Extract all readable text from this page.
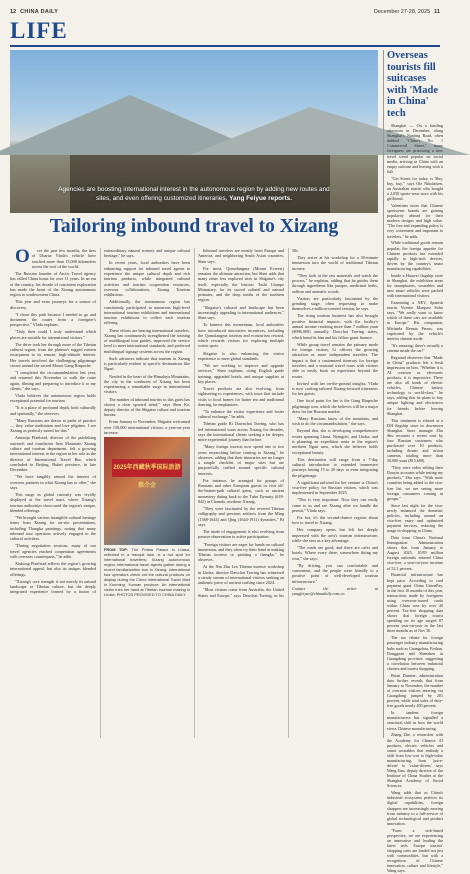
12 CHINA DAILY	December 27-28, 2025 11
LIFE
Agencies are boosting international interest in the autonomous region by adding new routes and sites, and even offering customized itineraries, Yang Feiyue reports.
Tailoring inbound travel to Xizang

O ver the past few months, the tires of Ubaraa Vlada's vehicle have touched more than 15,000 kilometers across the roof of the world.

The Russian founder of Arctic Travel agency has called China home for over 11 years. In an era of the country, his decade of consistent exploration has made the heart of the Xizang autonomous region to southwestern China.

This year and extra journeys for a season of discovery.

"I chose this path because I needed to go and document the routes from a foreigner's perspective," Vlada explains.

"Only then could I truly understand which places are suitable for international visitors."

The drive took her through more of the Tibetan cultural region, from the plateau's rugged eastern escarpment to its remote, high-altitude interior. Her travels involved the challenging pilgrimage circuit around the sacred Mount Gang Rinpoche.

"I completed the circumambulation last year, and returned this November to walk the route again, filming and preparing to introduce it to my clients," she says.

Vlada believes the autonomous region holds exceptional potential for tourism.

"It is a place of profound depth, both culturally and spiritually," she observes.

"Many Russians are drawn to paths of practice — they value meditation and love pilgrims. I see Xizang as perfectly suited for this."

Antonija Pfaelstad, director of the publishing outreach and translation firm Mountain Xizang culture and tourism department, felt a growing international interest in the region in her role as the director of International Travel Bur, which concluded in Beijing, Hubei province, in late December.

"We have tangibly sensed the interest of overseas partners in what Xizang has to offer," she says.

This surge in global curiosity was vividly displayed at the travel mart, where Xizang's tourism authorities showcased the region's unique, blended offerings.

"We brought various intangible cultural heritage items from Xizang for on-site presentations, including Thangka paintings, noting that many inbound tour operators actively engaged in the cultural activities.

"During negotiation sessions, many of our travel agencies reached cooperation agreements with overseas counterparts," he adds.

Xiuhong Pfaelstad reflects the region's growing international appeal, but also its unique, blended offerings.

"Xizang's core strength is not merely its natural landscape or Tibetan culture, but the deeply integrated experience formed by a fusion of extraordinary natural scenery and unique cultural heritage," he says.

In recent years, local authorities have been enhancing support for inbound travel agents to experience the unique cultural depth and rich tourism products, while integrated cultural activities and tourism cooperation resources, overseas collaborations, Xizang Tourism exhibitions.

Additionally, the autonomous region has consistently participated in numerous high-level international tourism exhibitions and international tourism exhibitions to collect each tourism offering.

These efforts are bearing international travelers. Xizang has continuously strengthened the training of multilingual tour guides, improved the service level to meet international standards, and preferred multilingual signage systems across the region.

Such advances indicate that tourism in Xizang is particularly evident in specific destinations like Ngari.

Nestled in the heart of the Himalaya Mountains, the city in the southwest of Xizang has been experiencing a remarkable surge in international visitors.

The number of inbound tourists to this gates has shown a clear upward trend," says Shen Ke, deputy director of the Shigatse culture and tourism bureau.

From January to November, Shigatse welcomed over 150,000 international visitors, a year-on-year increase.

2025年西藏秋季国际旅游推介会

FROM TOP: The Potala Palace in Lhasa, reflected in a tranquil lake, is a hot spot for international travellers; Xizang autonomous region, international travel agents gather during a recent familiarization tour in Xizang; international tour operators check out the cultural products on display during the China International Travel Mart in Kunming, Yunnan province; An international visitor tries her hand at Tibetan incense making in Lhoka. PHOTOS PROVIDED TO CHINA DAILY

Inbound travelers are mostly from Europe and America, and neighboring South Asian countries, Shen says.

For most, Qomolangma (Mount Everest) remains the ultimate attraction, but Shen adds that many other less explored sites in Shigatse's city itself, especially the historic Tashi Lhunpo Monastery, for its sacred cultural and natural primates, and the deep tombs of the northern region.

"Shigatse's cultural and landscape has been increasingly appealing to international audiences," Shen says.

To harness this momentum, local authorities have introduced innovative incentives, including the Qomolangma tourism and ecotourism reward, which rewards visitors for exploring multiple scenic spots.

Shigatse is also enhancing the visitor experience to meet global standards.

"We are working to improve and upgrade services," Shen explains, citing English guide training, upgraded hotels, and unique supplies at key places.

Travel products are also evolving, from sightseeing to experiences, with tours that include visits to local homes for butter tea and traditional dancing, he emphasizes.

"To enhance the visitor experience and foster cultural exchange," he adds.

Tibetan guide Ri Dawnchai Tsering, who has led international tours across Xizang for decades, says the international clients seeking a far deeper, more experiential journey than before.

"Many foreign tourists now spend one to two years researching before coming to Xizang," he observes, adding that their itineraries are no longer a simple checklist of major sites but are purposefully crafted around specific cultural interests.

For instance, he arranged for groups of Russians and other European guests to visit off-the-beaten-path cultural gems, such as ancient monastery dating back to the Tubo Dynasty (618-842) in Chamdo, northern Xizang.

"They were fascinated by the revered Tibetan calligraphy and precious artifacts from the Ming (1368-1644) and Qing (1644-1911) dynasties," Ri says.

The mode of engagement is also evolving from passive observation to active participation.

"Foreign visitors are eager for hands-on cultural immersion, and they often try their hand at making Tibetan incense or painting a thangka," he observes.

At the Nin Zhu Lin Tibetan incense workshop in Lhoka, director Dawchai Tsering has witnessed a steady stream of international visitors seeking an authentic piece of ancient crafting since 2024.

"Most visitors come from Australia, the United States and Europe," says Dawchai Tsering, in his 50s.

They arrive at his workshop for a 30-minute immersion into the world of traditional Tibetan incense.

"They look at the raw materials and watch the process," he explains, adding that he guides them through ingredients like juniper, medicinal herbs, saffron and aromatic woods.

Visitors are particularly fascinated by the grinding stage, often requesting to make themselves a million-scented version, he says.

The rising tourism business has also brought positive financial impacts, with the facility's annual income reaching more than 7 million yuan ($996,000) annually. Dawchai Tsering states, which benefits him and his fellow grant finance.

While group travel remains the primary mode for foreign visitors, Li officers the growing attraction as more independent travelers. The impact is that a customized itinerary for foreign travelers and a seasonal travel tours with visitors able to easily book an experience beyond the routes.

Invited with her on-the-ground insights, Vlada is now crafting tailored Xizang-focused itineraries for her guests.

One focal point for her is the Gang Rinpoche pilgrimage tour, which she believes will be a major draw for her Russian market.

"Many Russians know of the mountain, and wish to do the circumambulation," she says.

Beyond that, she is developing comprehensive routes spanning Lhasa, Nyingchi, and Lhoka, and is planning an expedition route to the region's northern Ngari area, which she believes holds exceptional beauty.

This destination will range from a 7-day cultural introduction to extended immersive journeys lasting 15 to 20 days or even integrating the pilgrimage.

A significant tailwind for her venture is China's visa-free policy for Russian visitors, which was implemented in September 2025.

"This is very important. Now they can easily come to us and see Xizang after we handle the permit," Vlada says.

For her, it's the second-chance regions about how to travel to Xizang.

Her company opens but left her deeply impressed with the area's tourism infrastructure, while she sees as a key advantage.

"The roads are good, and there are cafes and hotels. Where every there, somewhere fitting my own," she says.

"By driving, you can comfortable and convenient, and the people were friendly to a positive point of well-developed tourism infrastructure."

Contact the writer at yangfeiyue@chinadaily.com.cn

Overseas tourists fill suitcases with 'Made in China' tech

Shanghai — On a bustling afternoon in December, along Shanghai's Nanjing Road, often dubbed "China's No. 1 Commercial Street," many foreigners are practicing a new travel trend popular on social media, arriving in China with an empty suitcase and leaving with it full.

"Get Stores for today, is 'Buy, buy, buy,'" says Ole Nikolaisen, an Australian tourist who bought a 2,050 sports-wear store with his girlfriend.

Valentines notes that Chinese sportswear brands are gaining popularity abroad for their modern designs and high value. "The free and expanding policy is very convenient and important to travelers," he adds.

While traditional goods remain popular, the foreign appetite for Chinese products has extended rapidly to high-tech devices, driven by the country's smart manufacturing capabilities.

Inside a Huawei flagship store in Shanghai, the exhibition areas for smartphones, wearables and new smart vehicles were packed with international visitors.

Examining a NEV, Spanish tourist Vicente Marquez Solar says, "We really want to know which of these cars are available in Europe." His companion, Michaela Renata Perras, was captivated by the vehicle's interior chrome mode.

"It's amazing; there's actually a cinema inside the car!"

Regional observers that "Made in China" products left a fresh impression on him. "Whether it is AI creation or electronic products, it is impressive. There are also all kinds of electric vehicles, Chinese battery technology is world-class," he says, adding that he plans to buy unique lighting and electronics for friends before leaving Shanghai.

This sentiment is echoed at a DJI flagship store in downtown Shanghai. Store manager Zhu Shu recounts a recent visit by four Russian customers who purchased over 10 products, including drones and action cameras, totaling more than 50,000 yuan ($15,600).

"They were video editing their Douyin accounts while testing my products," Zhu says. "With more countries being added to the visa-free list, we are seeing more foreign consumers coming in groups."

Since last night for the visa-newly enhanced the domestic policies, including around an visa-free entry and optimized payment services, reducing the usage in shopping in China.

Data from China's National Immigration Administration shows that from January to August 2025, 10.89 million foreign nationals entered China visa-free, a year-on-year increase of 52.1 percent.

Financial infrastructure has kept pace. According to card payment giant China UnionPay, in the first 10 months of this year, transactions made by foreigners using overseas-issued cards within China rose by over 40 percent. Tax-free shopping data shows that foreign tourist spending on its age surged 87 percent year-on-year in the last three months as of Nov 30.

The tax rebate for foreign passenger industry manufacturing hubs such as Guangzhou, Foshan, Dongguan and Shenzhen in Guangdong province, suggesting a correlation between industrial clusters and tourist shopping.

Brian Dunster, administration data further reveals that from January to November, the number of overseas visitors entering via Guangdong jumped by 201 percent, while total sales of duty-free goods nearly 450 percent.

In tandem, foreign manufacturers has signalled a structural shift in how the world views Chinese manufacturing.

Zhang Zhe, a researcher with the Academy for Chinese AI products, electric vehicles and smart wearables that embody a shift from low-cost to high-value manufacturing, from 'price-driven' to 'value-driven,' says Wang Jian, deputy director of the Institute of China Studies at the Shanghai Academy of Social Sciences.

Wang adds that as China's industrial ecosystem perfects its digital capabilities, foreign shoppers are increasingly moving from industry to a full-service of global technological and product innovation.

"From a tech-based perspective, we are experiencing an innovative and leading the latest tech. Europe tourists' shopping carts are loaded not just with commodities, but with a recognition of Chinese innovation, culture and lifestyle," Wang says.
